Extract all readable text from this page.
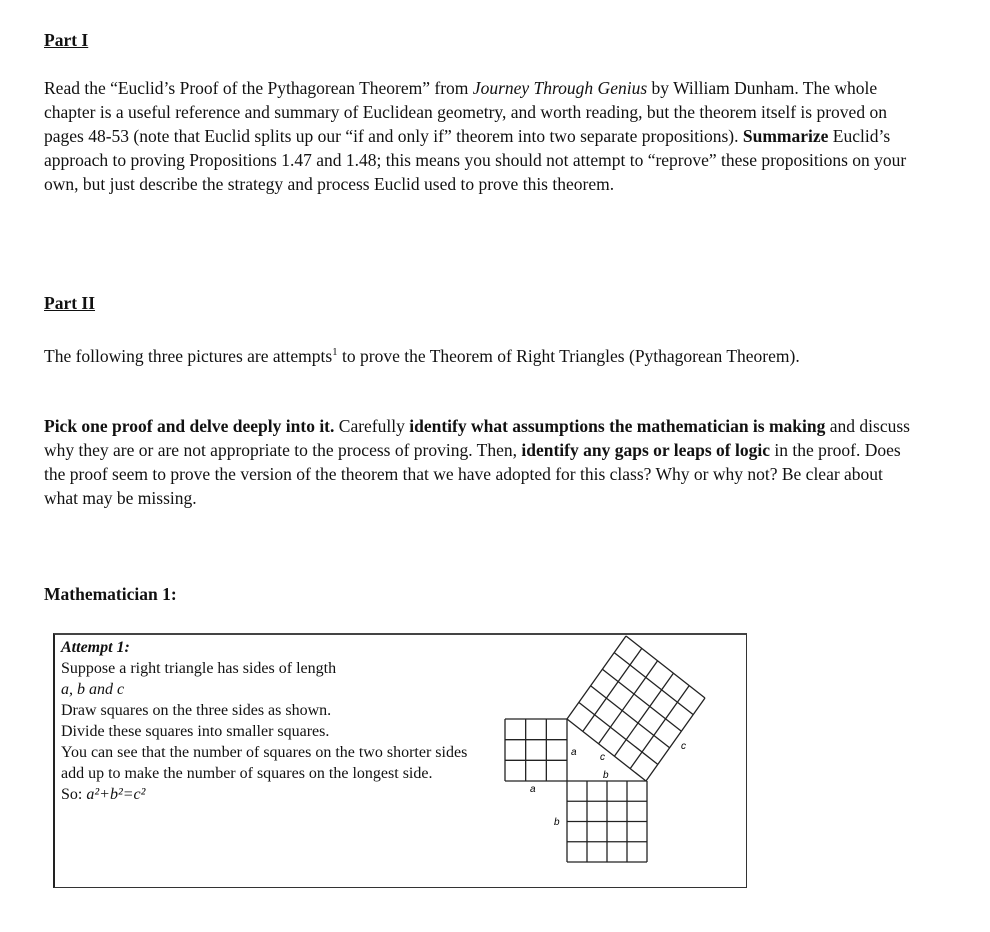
Part I
Read the “Euclid’s Proof of the Pythagorean Theorem” from Journey Through Genius by William Dunham. The whole chapter is a useful reference and summary of Euclidean geometry, and worth reading, but the theorem itself is proved on pages 48-53 (note that Euclid splits up our “if and only if” theorem into two separate propositions). Summarize Euclid’s approach to proving Propositions 1.47 and 1.48; this means you should not attempt to “reprove” these propositions on your own, but just describe the strategy and process Euclid used to prove this theorem.
Part II
The following three pictures are attempts$^1$ to prove the Theorem of Right Triangles (Pythagorean Theorem).
Pick one proof and delve deeply into it. Carefully identify what assumptions the mathematician is making and discuss why they are or are not appropriate to the process of proving. Then, identify any gaps or leaps of logic in the proof. Does the proof seem to prove the version of the theorem that we have adopted for this class? Why or why not? Be clear about what may be missing.
Mathematician 1:
Attempt 1:
Suppose a right triangle has sides of length
a, b and c
Draw squares on the three sides as shown.
Divide these squares into smaller squares.
You can see that the number of squares on the two shorter sides add up to make the number of squares on the longest side.
So: a²+b²=c²
a c
b
c
a
b
